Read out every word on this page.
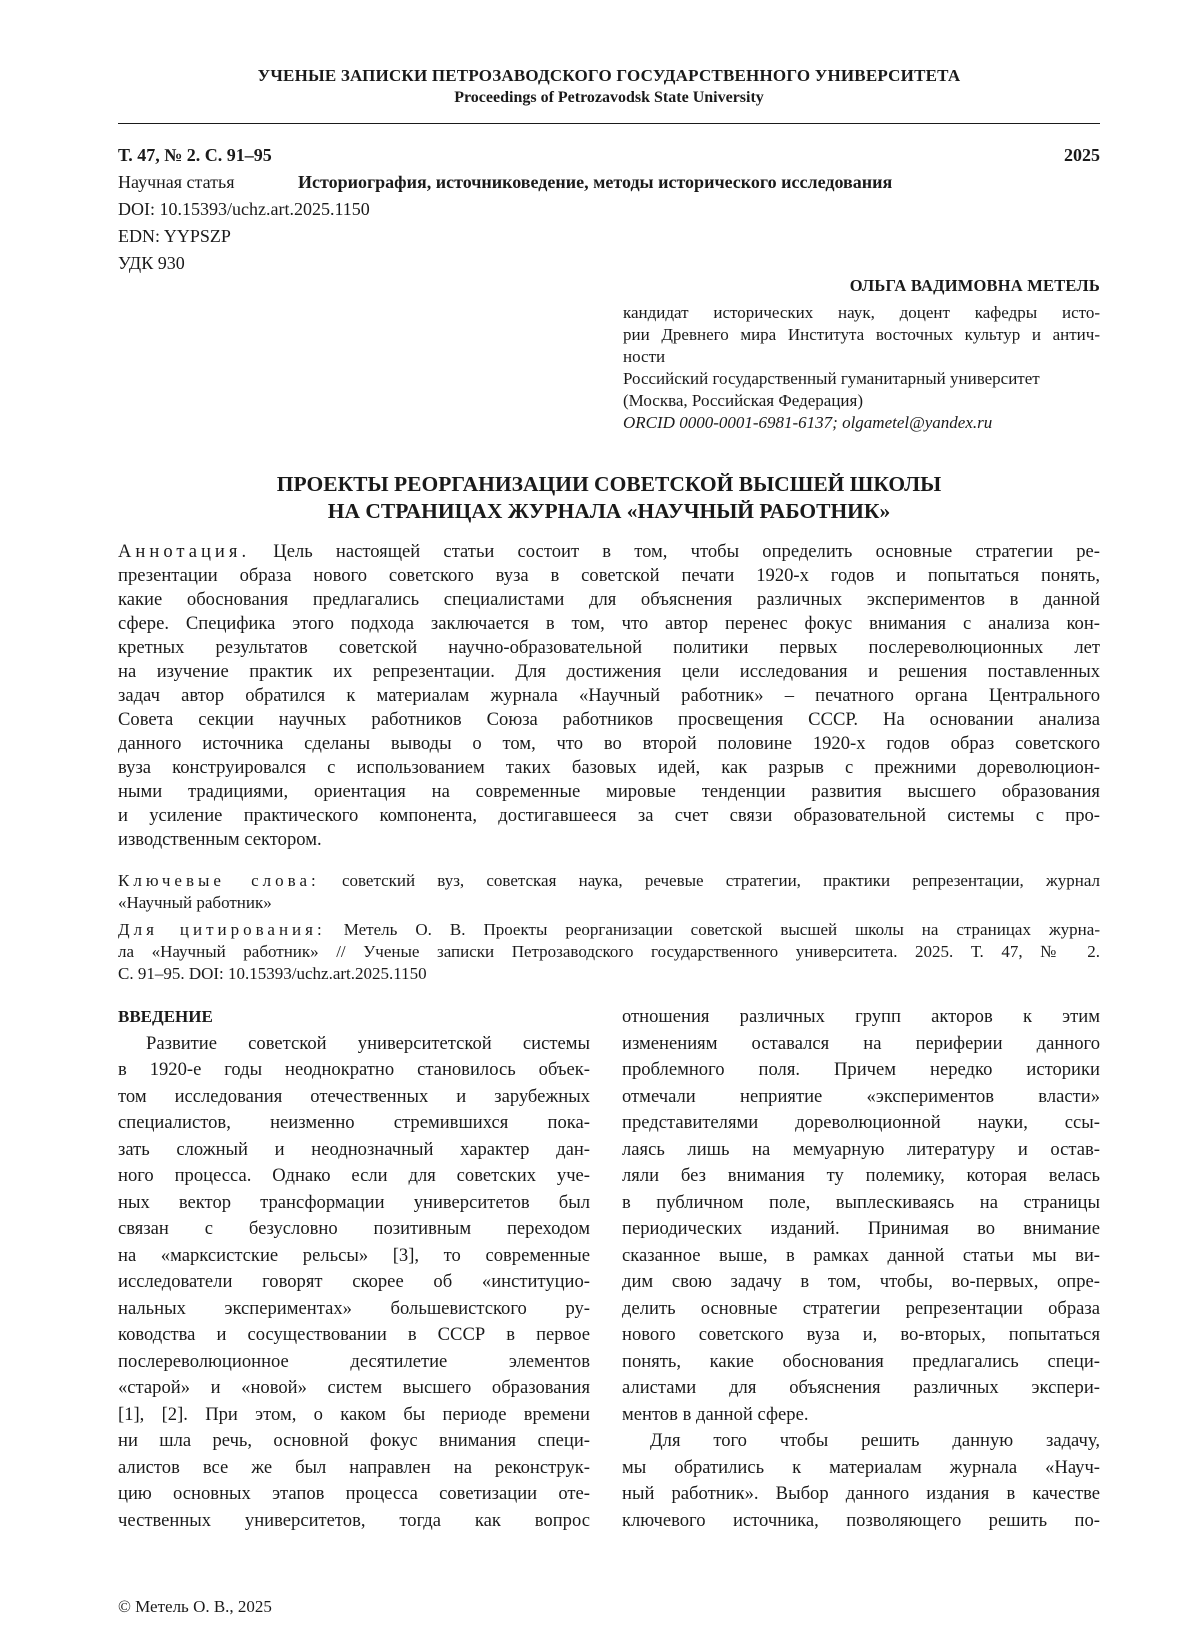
УЧЕНЫЕ ЗАПИСКИ ПЕТРОЗАВОДСКОГО ГОСУДАРСТВЕННОГО УНИВЕРСИТЕТА
Proceedings of Petrozavodsk State University
Т. 47, № 2. С. 91–95	2025
Научная статья	Историография, источниковедение, методы исторического исследования
DOI: 10.15393/uchz.art.2025.1150
EDN: YYPSZP
УДК 930
ОЛЬГА ВАДИМОВНА МЕТЕЛЬ
кандидат исторических наук, доцент кафедры исто-
рии Древнего мира Института восточных культур и антич-
ности
Российский государственный гуманитарный университет
(Москва, Российская Федерация)
ORCID 0000-0001-6981-6137; olgametel@yandex.ru
ПРОЕКТЫ РЕОРГАНИЗАЦИИ СОВЕТСКОЙ ВЫСШЕЙ ШКОЛЫ
НА СТРАНИЦАХ ЖУРНАЛА «НАУЧНЫЙ РАБОТНИК»
Аннотация. Цель настоящей статьи состоит в том, чтобы определить основные стратегии ре-
презентации образа нового советского вуза в советской печати 1920-х годов и попытаться понять,
какие обоснования предлагались специалистами для объяснения различных экспериментов в данной
сфере. Специфика этого подхода заключается в том, что автор перенес фокус внимания с анализа кон-
кретных результатов советской научно-образовательной политики первых послереволюционных лет
на изучение практик их репрезентации. Для достижения цели исследования и решения поставленных
задач автор обратился к материалам журнала «Научный работник» – печатного органа Центрального
Совета секции научных работников Союза работников просвещения СССР. На основании анализа
данного источника сделаны выводы о том, что во второй половине 1920-х годов образ советского
вуза конструировался с использованием таких базовых идей, как разрыв с прежними дореволюцион-
ными традициями, ориентация на современные мировые тенденции развития высшего образования
и усиление практического компонента, достигавшееся за счет связи образовательной системы с про-
изводственным сектором.
Ключевые слова: советский вуз, советская наука, речевые стратегии, практики репрезентации, журнал
«Научный работник»
Для цитирования: Метель О. В. Проекты реорганизации советской высшей школы на страницах журна-
ла «Научный работник» // Ученые записки Петрозаводского государственного университета. 2025. Т. 47, № 2.
С. 91–95. DOI: 10.15393/uchz.art.2025.1150
ВВЕДЕНИЕ
Развитие советской университетской системы
в 1920-е годы неоднократно становилось объек-
том исследования отечественных и зарубежных
специалистов, неизменно стремившихся пока-
зать сложный и неоднозначный характер дан-
ного процесса. Однако если для советских уче-
ных вектор трансформации университетов был
связан с безусловно позитивным переходом
на «марксистские рельсы» [3], то современные
исследователи говорят скорее об «институцио-
нальных экспериментах» большевистского ру-
ководства и сосуществовании в СССР в первое
послереволюционное десятилетие элементов
«старой» и «новой» систем высшего образования
[1], [2]. При этом, о каком бы периоде времени
ни шла речь, основной фокус внимания специ-
алистов все же был направлен на реконструк-
цию основных этапов процесса советизации оте-
чественных университетов, тогда как вопрос
отношения различных групп акторов к этим
изменениям оставался на периферии данного
проблемного поля. Причем нередко историки
отмечали неприятие «экспериментов власти»
представителями дореволюционной науки, ссы-
лаясь лишь на мемуарную литературу и остав-
ляли без внимания ту полемику, которая велась
в публичном поле, выплескиваясь на страницы
периодических изданий. Принимая во внимание
сказанное выше, в рамках данной статьи мы ви-
дим свою задачу в том, чтобы, во-первых, опре-
делить основные стратегии репрезентации образа
нового советского вуза и, во-вторых, попытаться
понять, какие обоснования предлагались специ-
алистами для объяснения различных экспери-
ментов в данной сфере.
Для того чтобы решить данную задачу,
мы обратились к материалам журнала «Науч-
ный работник». Выбор данного издания в качестве
ключевого источника, позволяющего решить по-
© Метель О. В., 2025
